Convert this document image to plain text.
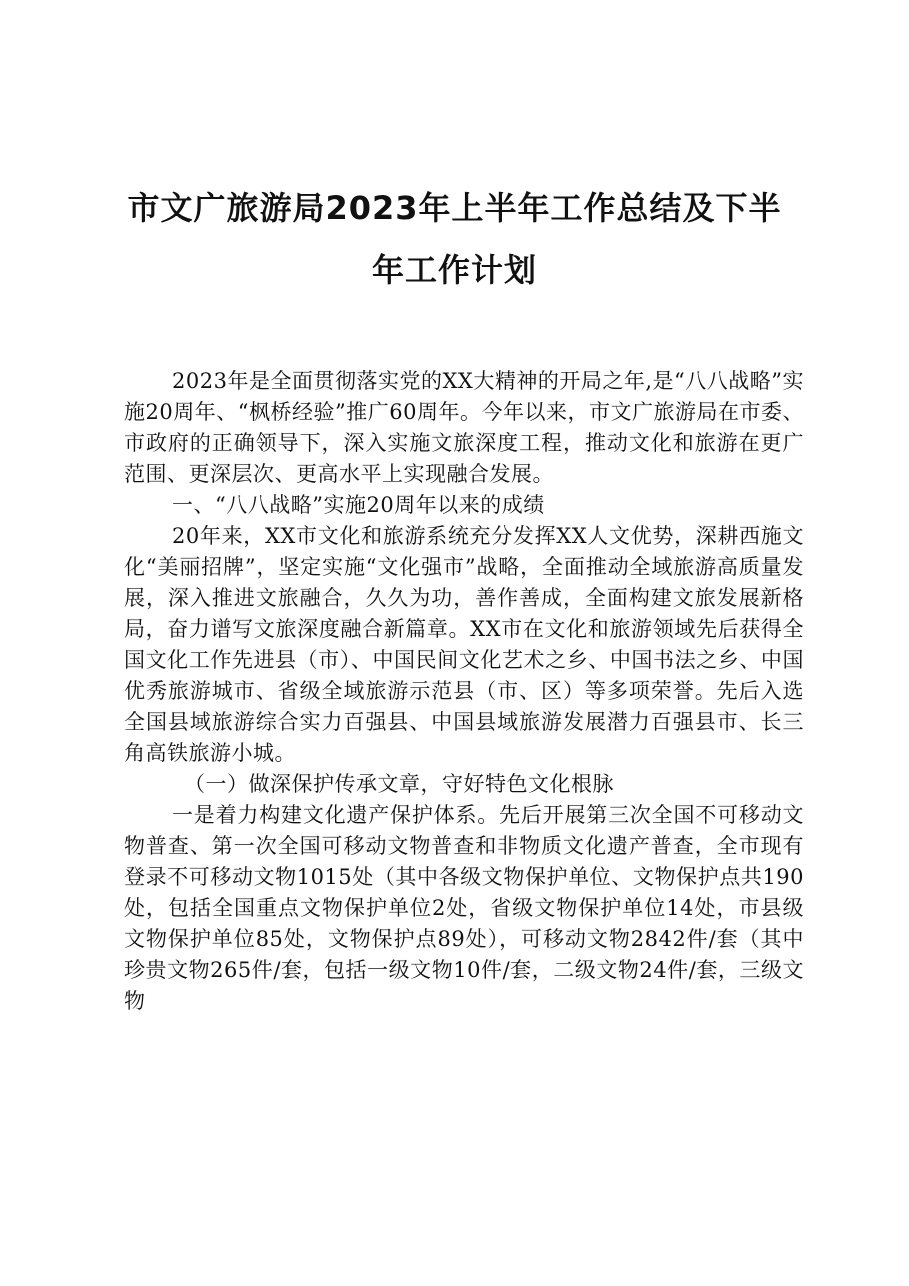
市文广旅游局2023年上半年工作总结及下半
年工作计划

2023年是全面贯彻落实党的XX大精神的开局之年,是“八八战略”实施20周年、“枫桥经验”推广60周年。今年以来，市文广旅游局在市委、市政府的正确领导下，深入实施文旅深度工程，推动文化和旅游在更广范围、更深层次、更高水平上实现融合发展。

一、“八八战略”实施20周年以来的成绩

20年来，XX市文化和旅游系统充分发挥XX人文优势，深耕西施文化“美丽招牌”，坚定实施“文化强市”战略，全面推动全域旅游高质量发展，深入推进文旅融合，久久为功，善作善成，全面构建文旅发展新格局，奋力谱写文旅深度融合新篇章。XX市在文化和旅游领域先后获得全国文化工作先进县（市）、中国民间文化艺术之乡、中国书法之乡、中国优秀旅游城市、省级全域旅游示范县（市、区）等多项荣誉。先后入选全国县域旅游综合实力百强县、中国县域旅游发展潜力百强县市、长三角高铁旅游小城。

（一）做深保护传承文章，守好特色文化根脉

一是着力构建文化遗产保护体系。先后开展第三次全国不可移动文物普查、第一次全国可移动文物普查和非物质文化遗产普查，全市现有登录不可移动文物1015处（其中各级文物保护单位、文物保护点共190处，包括全国重点文物保护单位2处，省级文物保护单位14处，市县级文物保护单位85处，文物保护点89处），可移动文物2842件/套（其中珍贵文物265件/套，包括一级文物10件/套，二级文物24件/套，三级文物
